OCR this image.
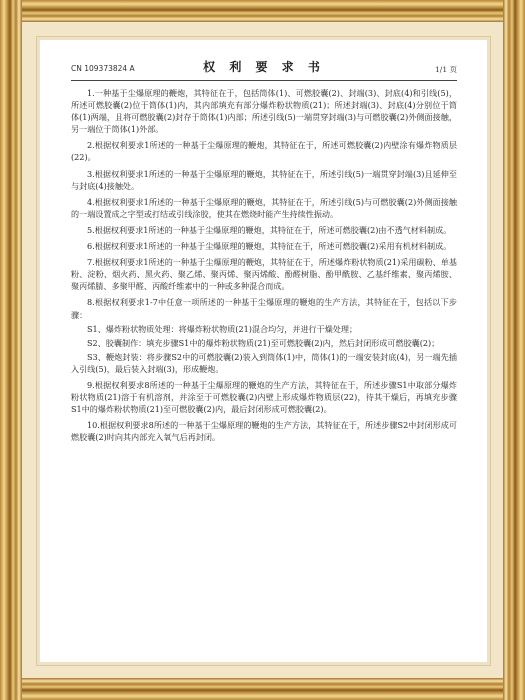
CN 109373824 A	权 利 要 求 书	1/1 页

1.一种基于尘爆原理的鞭炮，其特征在于，包括筒体(1)、可燃胶囊(2)、封端(3)、封底(4)和引线(5)，所述可燃胶囊(2)位于筒体(1)内，其内部填充有部分爆炸粉状物质(21)；所述封端(3)、封底(4)分别位于筒体(1)两端，且将可燃胶囊(2)封存于筒体(1)内部；所述引线(5)一端贯穿封端(3)与可燃胶囊(2)外侧面接触，另一端位于筒体(1)外部。

2.根据权利要求1所述的一种基于尘爆原理的鞭炮，其特征在于，所述可燃胶囊(2)内壁涂有爆炸物质层(22)。

3.根据权利要求1所述的一种基于尘爆原理的鞭炮，其特征在于，所述引线(5)一端贯穿封端(3)且延伸至与封底(4)接触处。

4.根据权利要求1所述的一种基于尘爆原理的鞭炮，其特征在于，所述引线(5)与可燃胶囊(2)外侧面接触的一端设置成之字型或打结或引线涂胶，使其在燃烧时能产生持续性振动。

5.根据权利要求1所述的一种基于尘爆原理的鞭炮，其特征在于，所述可燃胶囊(2)由不透气材料制成。

6.根据权利要求1所述的一种基于尘爆原理的鞭炮，其特征在于，所述可燃胶囊(2)采用有机材料制成。

7.根据权利要求1所述的一种基于尘爆原理的鞭炮，其特征在于，所述爆炸粉状物质(21)采用碳粉、单基粉、淀粉、烟火药、黑火药、聚乙烯、聚丙烯、聚丙烯酸、酚醛树脂、酚甲酰胺、乙基纤维素、聚丙烯胺、聚丙烯腈、多聚甲醛、丙酸纤维素中的一种或多种混合而成。

8.根据权利要求1-7中任意一项所述的一种基于尘爆原理的鞭炮的生产方法，其特征在于，包括以下步骤：

S1、爆炸粉状物质处理：将爆炸粉状物质(21)混合均匀，并进行干燥处理；

S2、胶囊制作：填充步骤S1中的爆炸粉状物质(21)至可燃胶囊(2)内，然后封闭形成可燃胶囊(2)；

S3、鞭炮封装：将步骤S2中的可燃胶囊(2)装入到筒体(1)中，筒体(1)的一端安装封底(4)，另一端先插入引线(5)，最后装入封端(3)，形成鞭炮。

9.根据权利要求8所述的一种基于尘爆原理的鞭炮的生产方法，其特征在于，所述步骤S1中取部分爆炸粉状物质(21)溶于有机溶剂，并涂至于可燃胶囊(2)内壁上形成爆炸物质层(22)，待其干燥后，再填充步骤S1中的爆炸粉状物质(21)至可燃胶囊(2)内，最后封闭形成可燃胶囊(2)。

10.根据权利要求8所述的一种基于尘爆原理的鞭炮的生产方法，其特征在于，所述步骤S2中封闭形成可燃胶囊(2)时向其内部充入氧气后再封闭。
